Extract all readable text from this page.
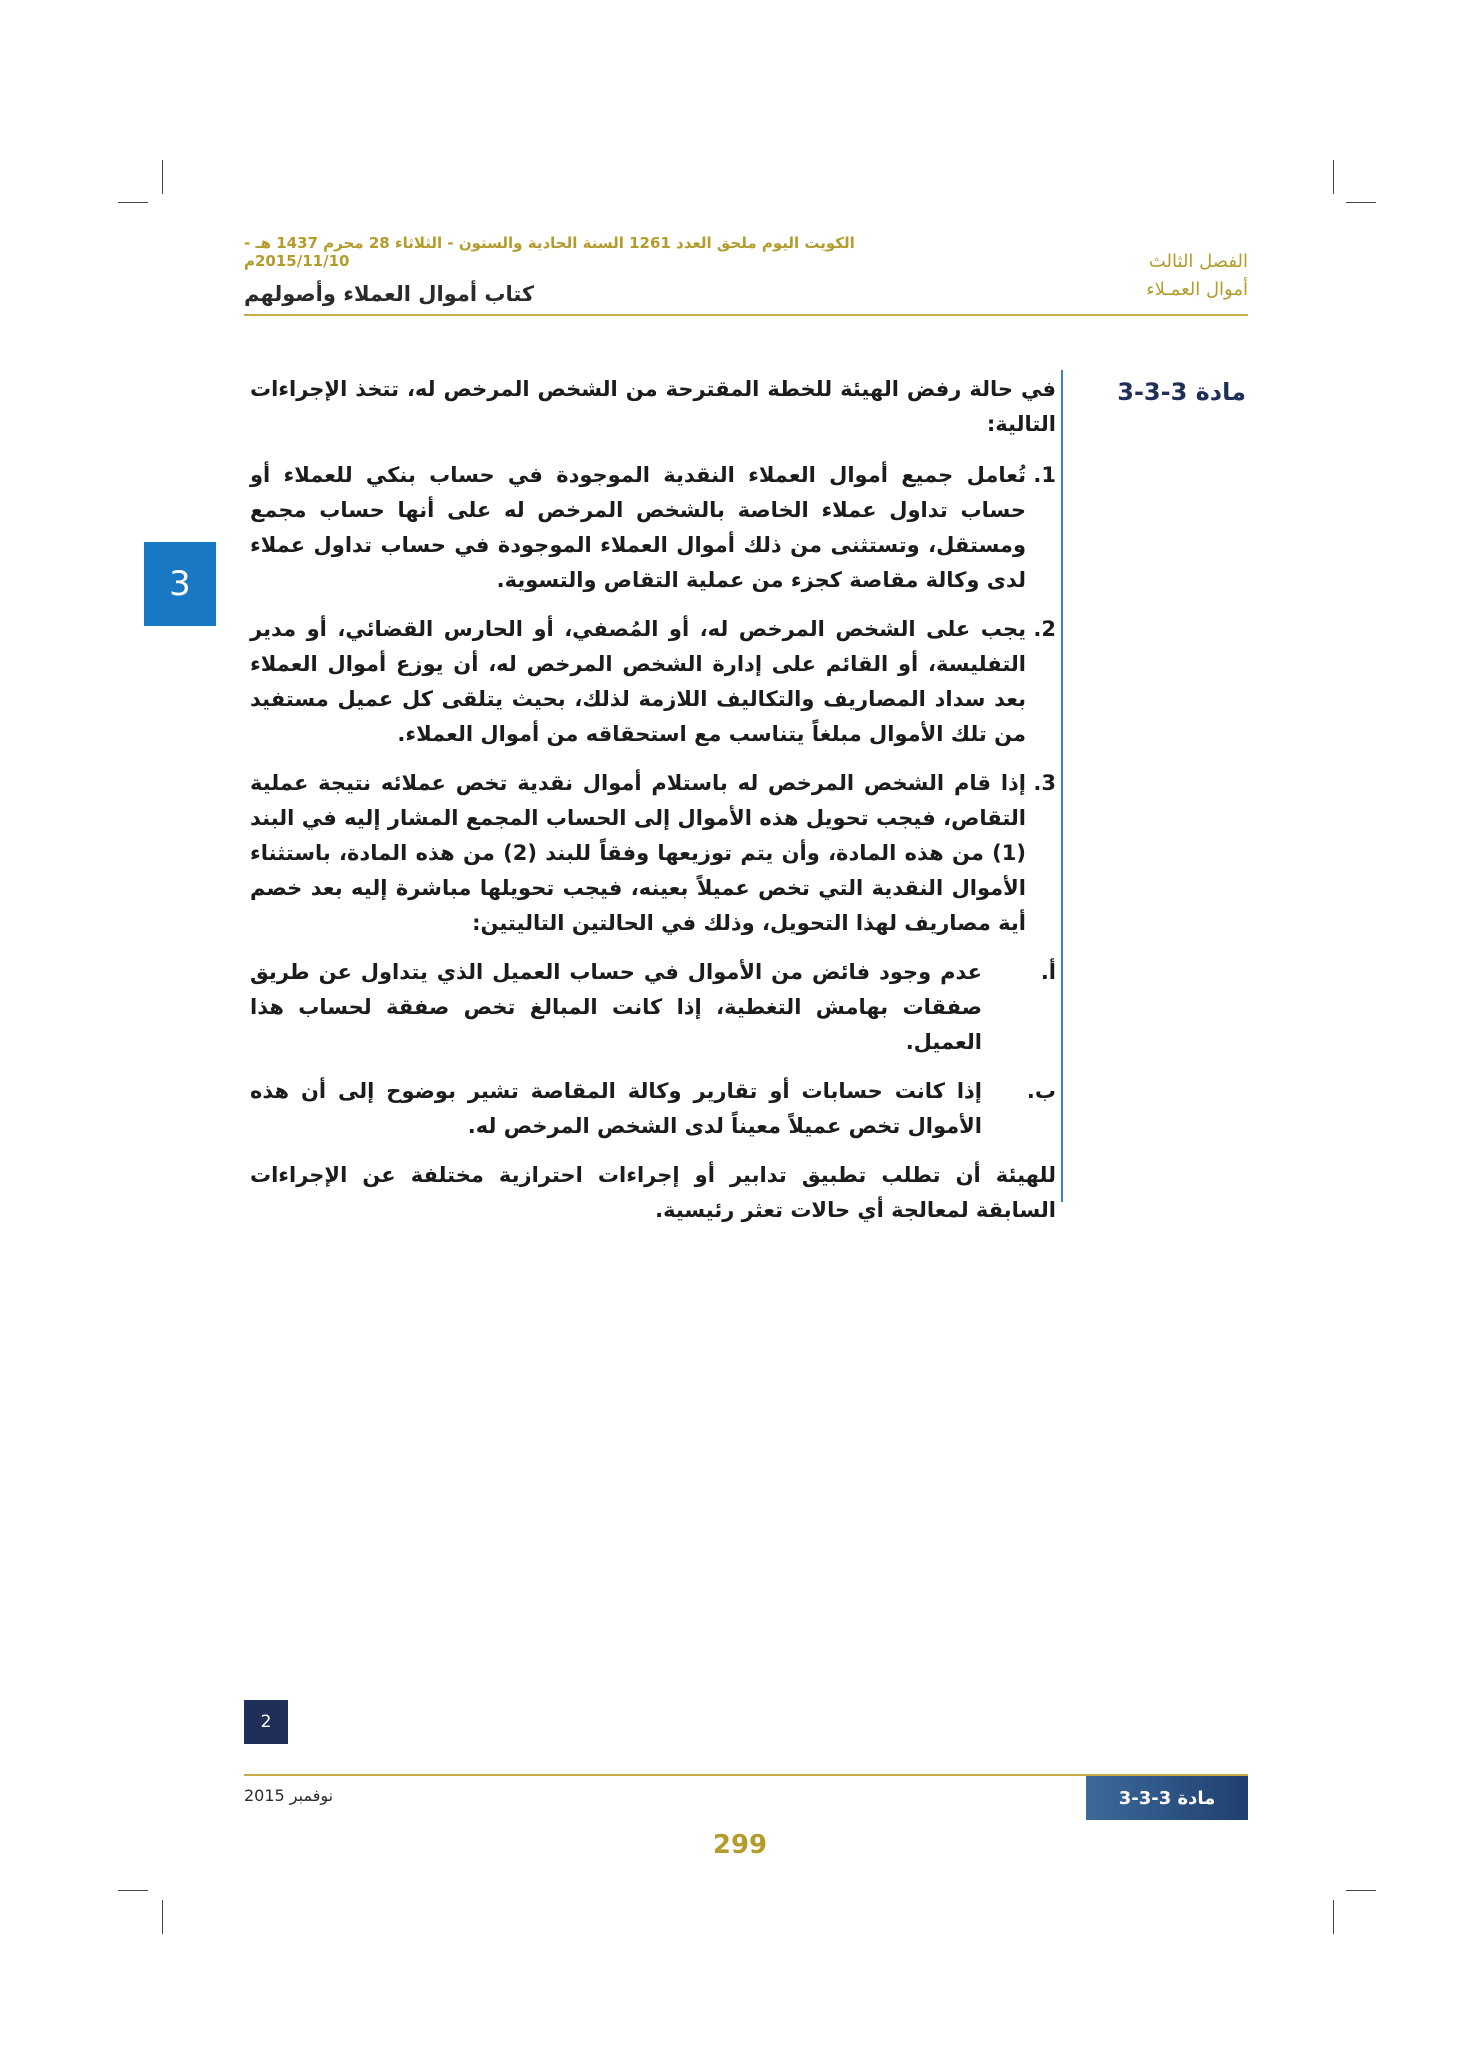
الكويت اليوم ملحق العدد 1261 السنة الحادية والستون - الثلاثاء 28 محرم 1437 هـ - 2015/11/10م	الفصل الثالث
أموال العمـلاء
كتاب أموال العملاء وأصولهم
3
مادة 3-3-3

في حالة رفض الهيئة للخطة المقترحة من الشخص المرخص له، تتخذ الإجراءات التالية:

1.
تُعامل جميع أموال العملاء النقدية الموجودة في حساب بنكي للعملاء أو حساب تداول عملاء الخاصة بالشخص المرخص له على أنها حساب مجمع ومستقل، وتستثنى من ذلك أموال العملاء الموجودة في حساب تداول عملاء لدى وكالة مقاصة كجزء من عملية التقاص والتسوية.
2.
يجب على الشخص المرخص له، أو المُصفي، أو الحارس القضائي، أو مدير التفليسة، أو القائم على إدارة الشخص المرخص له، أن يوزع أموال العملاء بعد سداد المصاريف والتكاليف اللازمة لذلك، بحيث يتلقى كل عميل مستفيد من تلك الأموال مبلغاً يتناسب مع استحقاقه من أموال العملاء.
3.
إذا قام الشخص المرخص له باستلام أموال نقدية تخص عملائه نتيجة عملية التقاص، فيجب تحويل هذه الأموال إلى الحساب المجمع المشار إليه في البند (1) من هذه المادة، وأن يتم توزيعها وفقاً للبند (2) من هذه المادة، باستثناء الأموال النقدية التي تخص عميلاً بعينه، فيجب تحويلها مباشرة إليه بعد خصم أية مصاريف لهذا التحويل، وذلك في الحالتين التاليتين:
أ.
عدم وجود فائض من الأموال في حساب العميل الذي يتداول عن طريق صفقات بهامش التغطية، إذا كانت المبالغ تخص صفقة لحساب هذا العميل.
ب.
إذا كانت حسابات أو تقارير وكالة المقاصة تشير بوضوح إلى أن هذه الأموال تخص عميلاً معيناً لدى الشخص المرخص له.

للهيئة أن تطلب تطبيق تدابير أو إجراءات احترازية مختلفة عن الإجراءات السابقة لمعالجة أي حالات تعثر رئيسية.

2
نوفمبر 2015	مادة 3-3-3
299
